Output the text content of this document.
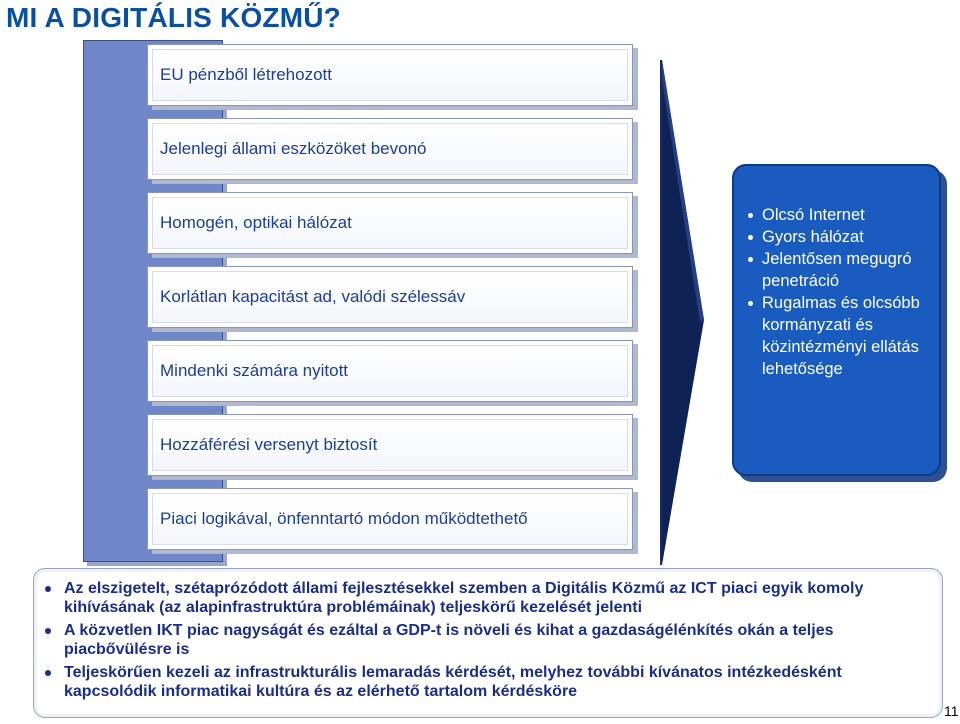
MI A DIGITÁLIS KÖZMŰ?
EU pénzből létrehozott
Jelenlegi állami eszközöket bevonó
Homogén, optikai hálózat
Korlátlan kapacitást ad, valódi szélessáv
Mindenki számára nyitott
Hozzáférési versenyt biztosít
Piaci logikával, önfenntartó módon működtethető
Olcsó Internet
Gyors hálózat
Jelentősen megugró penetráció
Rugalmas és olcsóbb kormányzati és közintézményi ellátás lehetősége
Az elszigetelt, szétaprózódott állami fejlesztésekkel szemben a Digitális Közmű az ICT piaci egyik komoly kihívásának (az alapinfrastruktúra problémáinak) teljeskörű kezelését jelenti
A közvetlen IKT piac nagyságát és ezáltal a GDP-t is növeli és kihat a gazdaságélénkítés okán a teljes piacbővülésre is
Teljeskörűen kezeli az infrastrukturális lemaradás kérdését, melyhez további kívánatos intézkedésként kapcsolódik informatikai kultúra és az elérhető tartalom kérdésköre
11
